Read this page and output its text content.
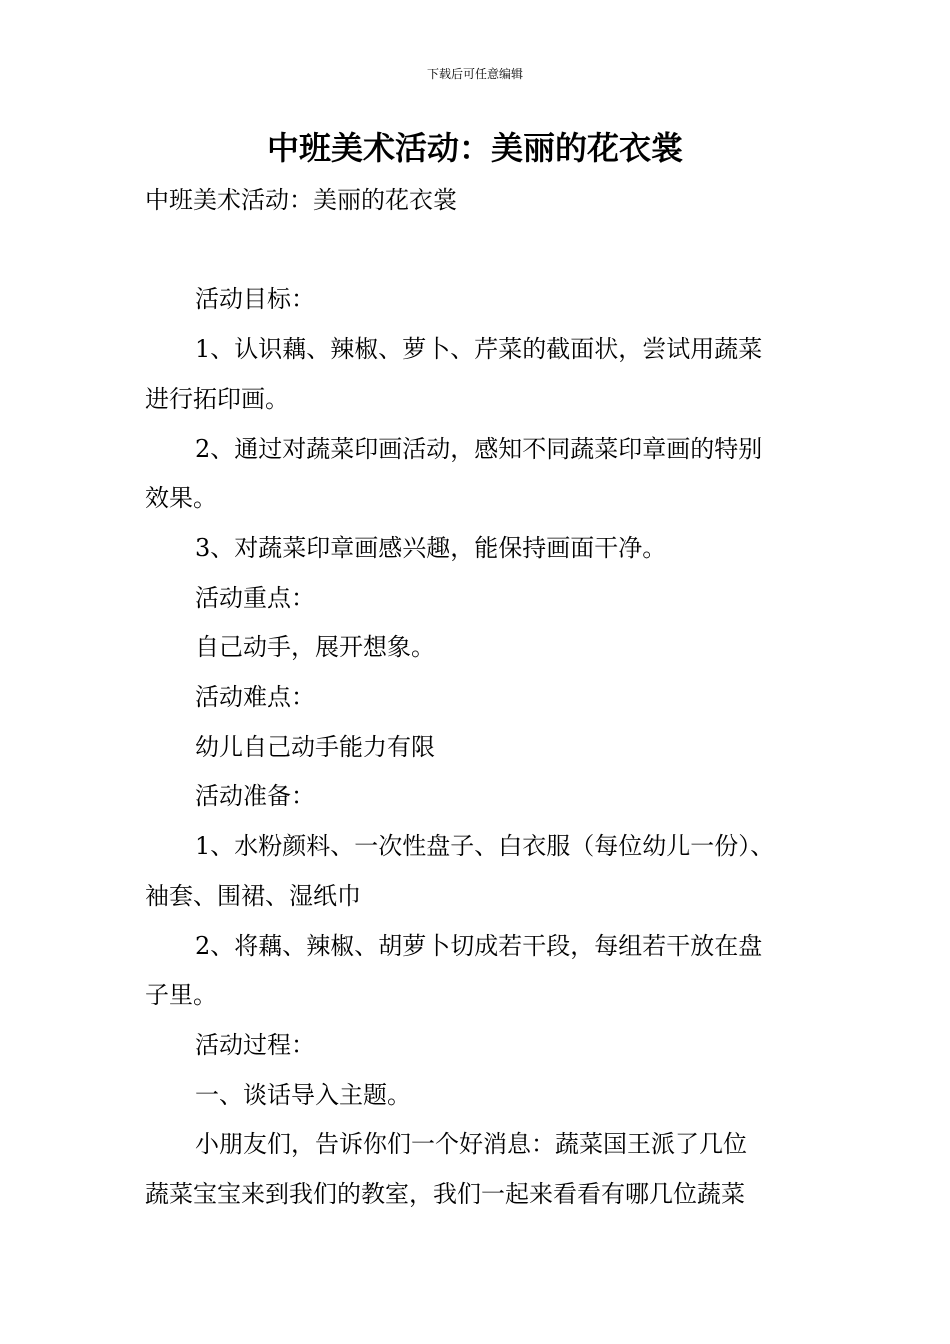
下载后可任意编辑
中班美术活动：美丽的花衣裳

中班美术活动：美丽的花衣裳

活动目标：

1、认识藕、辣椒、萝卜、芹菜的截面状，尝试用蔬菜

进行拓印画。

2、通过对蔬菜印画活动，感知不同蔬菜印章画的特别

效果。

3、对蔬菜印章画感兴趣，能保持画面干净。

活动重点：

自己动手，展开想象。

活动难点：

幼儿自己动手能力有限

活动准备：

1、水粉颜料、一次性盘子、白衣服（每位幼儿一份）、

袖套、围裙、湿纸巾

2、将藕、辣椒、胡萝卜切成若干段，每组若干放在盘

子里。

活动过程：

一、谈话导入主题。

小朋友们，告诉你们一个好消息：蔬菜国王派了几位

蔬菜宝宝来到我们的教室，我们一起来看看有哪几位蔬菜
